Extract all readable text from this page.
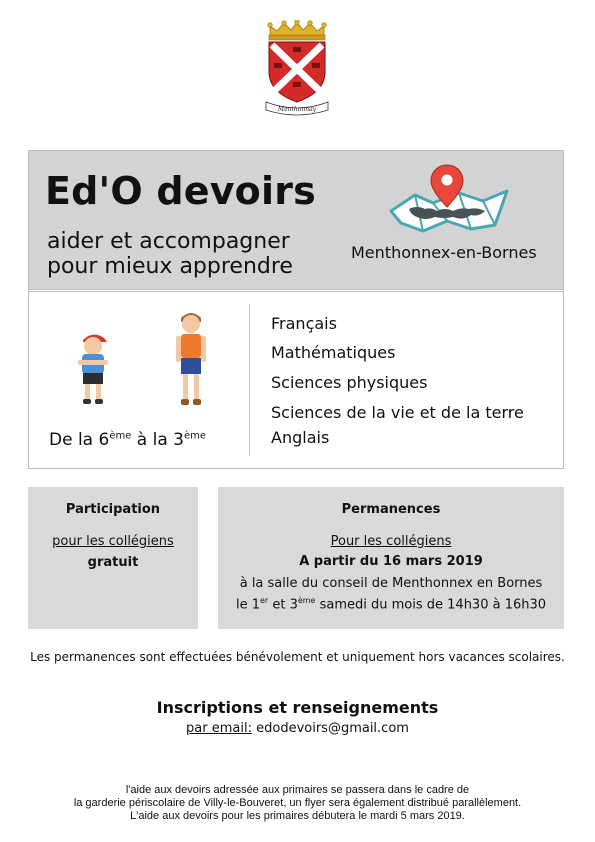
Menthonnay
Ed'O devoirs
aider et accompagner
pour mieux apprendre
Menthonnex-en-Bornes
De la 6ème à la 3ème
Français
Mathématiques
Sciences physiques
Sciences de la vie et de la terre
Anglais
Participation
pour les collégiens
gratuit
Permanences
Pour les collégiens
A partir du 16 mars 2019
à la salle du conseil de Menthonnex en Bornes
le 1er et 3ème samedi du mois de 14h30 à 16h30
Les permanences sont effectuées bénévolement et uniquement hors vacances scolaires.
Inscriptions et renseignements
par email: edodevoirs@gmail.com
l'aide aux devoirs adressée aux primaires se passera dans le cadre de
la garderie périscolaire de Villy-le-Bouveret, un flyer sera également distribué parallèlement.
L'aide aux devoirs pour les primaires débutera le mardi 5 mars 2019.
